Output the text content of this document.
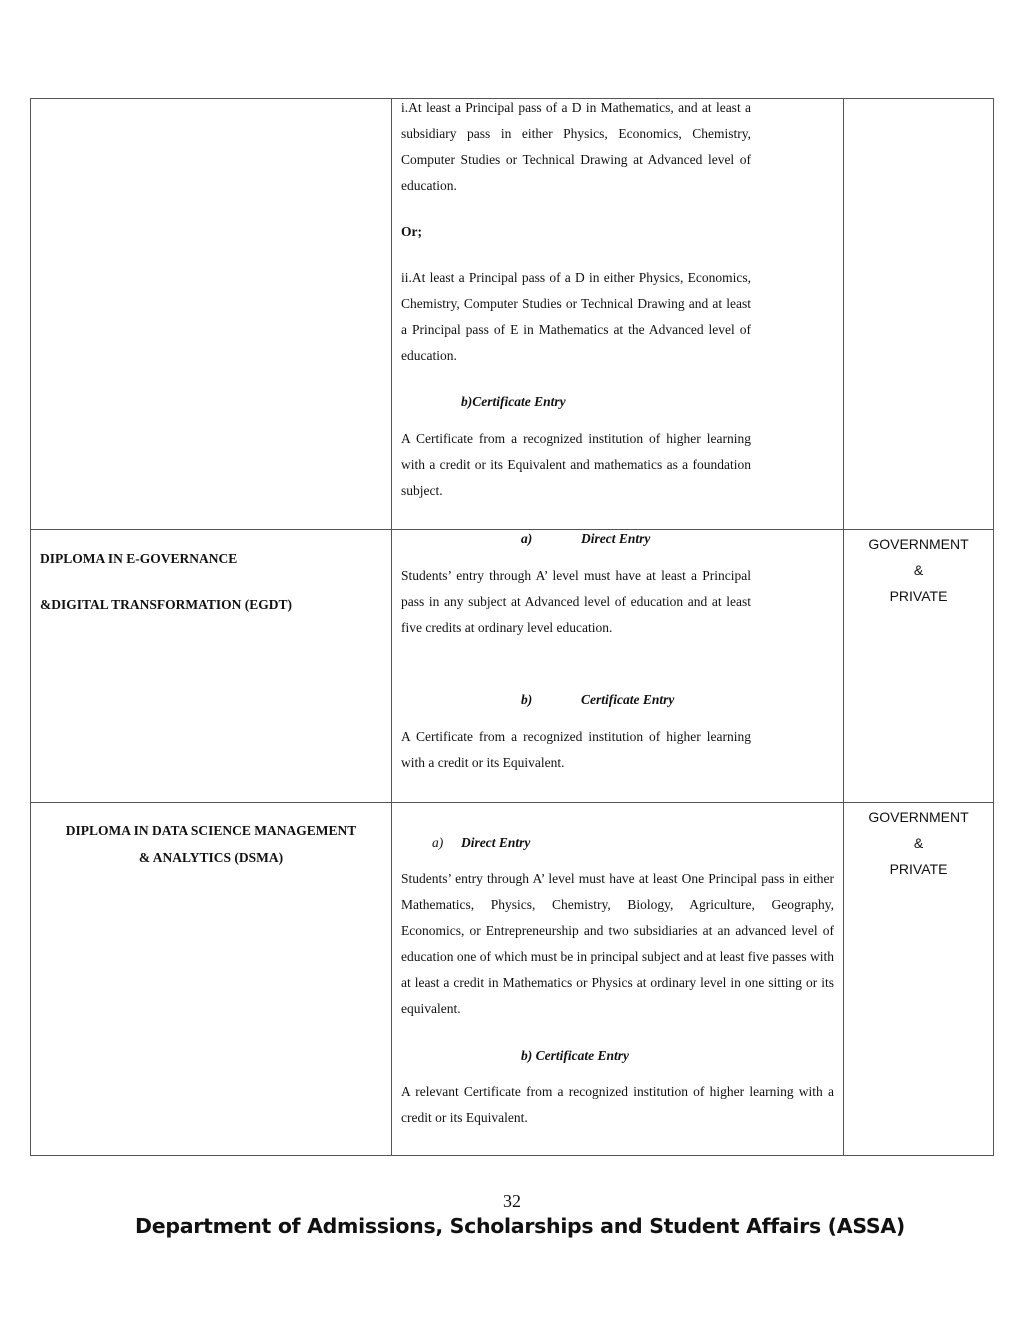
i.At least a Principal pass of a D in Mathematics, and at least a subsidiary pass in either Physics, Economics, Chemistry, Computer Studies or Technical Drawing at Advanced level of education.

Or;

ii.At least a Principal pass of a D in either Physics, Economics, Chemistry, Computer Studies or Technical Drawing and at least a Principal pass of E in Mathematics at the Advanced level of education.

b)Certificate Entry

A Certificate from a recognized institution of higher learning with a credit or its Equivalent and mathematics as a foundation subject.

DIPLOMA IN E-GOVERNANCE

&DIGITAL TRANSFORMATION (EGDT)

a)	Direct Entry

Students’ entry through A’ level must have at least a Principal pass in any subject at Advanced level of education and at least five credits at ordinary level education.

b)	Certificate Entry

A Certificate from a recognized institution of higher learning with a credit or its Equivalent.

GOVERNMENT

&

PRIVATE

DIPLOMA IN DATA SCIENCE MANAGEMENT

& ANALYTICS (DSMA)

a) Direct Entry

Students’ entry through A’ level must have at least One Principal pass in either Mathematics, Physics, Chemistry, Biology, Agriculture, Geography, Economics, or Entrepreneurship and two subsidiaries at an advanced level of education one of which must be in principal subject and at least five passes with at least a credit in Mathematics or Physics at ordinary level in one sitting or its equivalent.

b) Certificate Entry

A relevant Certificate from a recognized institution of higher learning with a credit or its Equivalent.

GOVERNMENT

&

PRIVATE

32
Department of Admissions, Scholarships and Student Affairs (ASSA)
